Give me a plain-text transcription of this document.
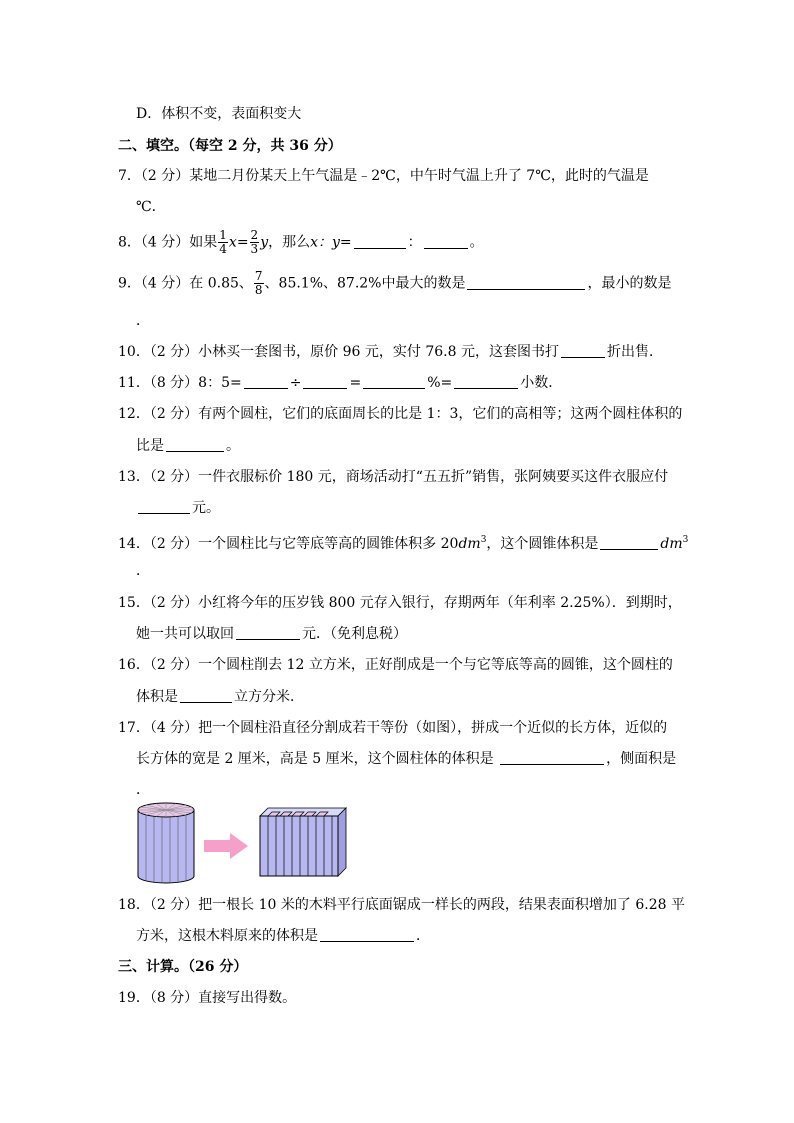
D．体积不变，表面积变大
二、填空。（每空 2 分，共 36 分）
7．（2 分）某地二月份某天上午气温是﹣2℃，中午时气温上升了 7℃，此时的气温是
℃．
8．（4 分）如果 $\frac{1}{4} x= \frac{2}{3}$ y，那么x：y=	：	。
9．（4 分）在 0.85、 $\frac{7}{8}$ 、85.1%、87.2%中最大的数是	，最小的数是
．
10．（2 分）小林买一套图书，原价 96 元，实付 76.8 元，这套图书打	折出售．
11．（8 分）8：5=	÷	=	%=	小数．
12．（2 分）有两个圆柱，它们的底面周长的比是 1：3，它们的高相等；这两个圆柱体积的
比是	。
13．（2 分）一件衣服标价 180 元，商场活动打“五五折”销售，张阿姨要买这件衣服应付
元。
14．（2 分）一个圆柱比与它等底等高的圆锥体积多 $20dm^3$，这个圆锥体积是	$dm^3$
．
15．（2 分）小红将今年的压岁钱 800 元存入银行，存期两年（年利率 2.25%）．到期时，
她一共可以取回	元．（免利息税）
16．（2 分）一个圆柱削去 12 立方米，正好削成是一个与它等底等高的圆锥，这个圆柱的
体积是	立方分米．
17．（4 分）把一个圆柱沿直径分割成若干等份（如图），拼成一个近似的长方体，近似的
长方体的宽是 2 厘米，高是 5 厘米，这个圆柱体的体积是	，侧面积是
．
18．（2 分）把一根长 10 米的木料平行底面锯成一样长的两段，结果表面积增加了 6.28 平
方米，这根木料原来的体积是	．
三、计算。（26 分）
19．（8 分）直接写出得数。
